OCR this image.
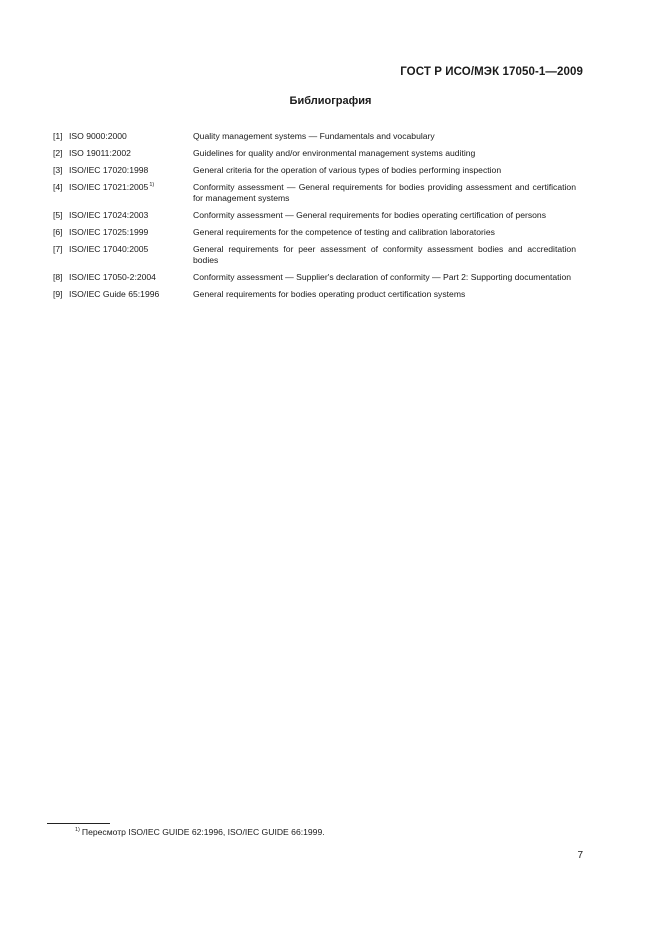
ГОСТ Р ИСО/МЭК 17050-1—2009
Библиография
[1] ISO 9000:2000	Quality management systems — Fundamentals and vocabulary
[2] ISO 19011:2002	Guidelines for quality and/or environmental management systems auditing
[3] ISO/IEC 17020:1998	General criteria for the operation of various types of bodies performing inspection
[4] ISO/IEC 17021:2005$^{1)}$	Conformity assessment — General requirements for bodies providing assessment and certification for management systems
[5] ISO/IEC 17024:2003	Conformity assessment — General requirements for bodies operating certification of persons
[6] ISO/IEC 17025:1999	General requirements for the competence of testing and calibration laboratories
[7] ISO/IEC 17040:2005	General requirements for peer assessment of conformity assessment bodies and accreditation bodies
[8] ISO/IEC 17050-2:2004	Conformity assessment — Supplier's declaration of conformity — Part 2: Supporting documentation
[9] ISO/IEC Guide 65:1996	General requirements for bodies operating product certification systems
$^{1)}$ Пересмотр ISO/IEC GUIDE 62:1996, ISO/IEC GUIDE 66:1999.
7
